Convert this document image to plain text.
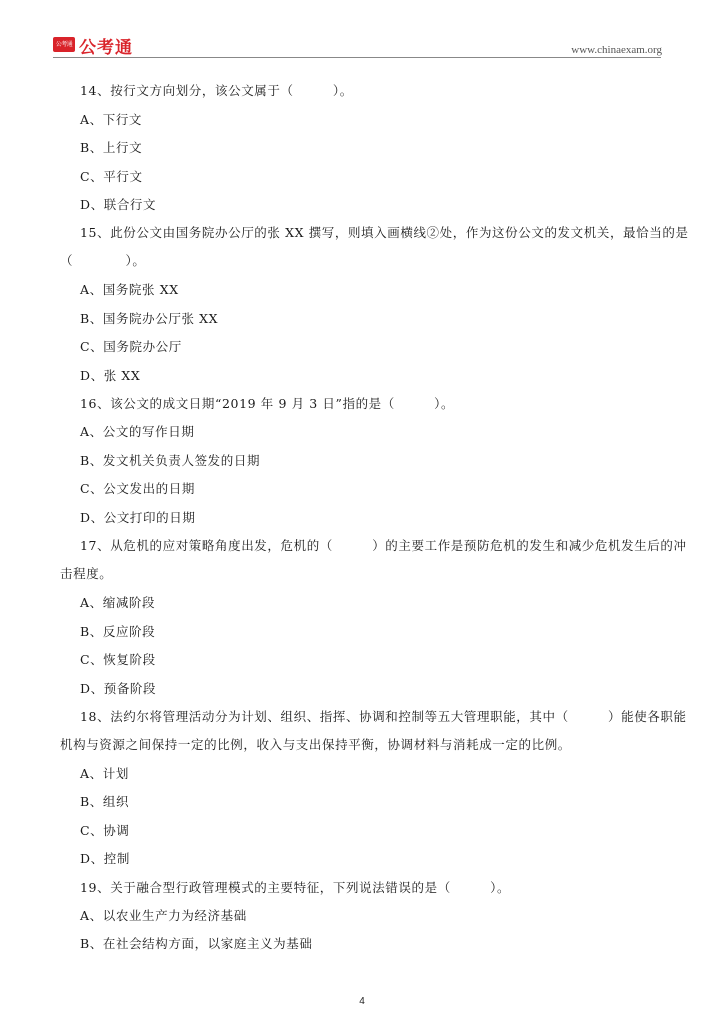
公考通 公考通	www.chinaexam.org
14、按行文方向划分，该公文属于（　　　）。
A、下行文
B、上行文
C、平行文
D、联合行文
15、此份公文由国务院办公厅的张 XX 撰写，则填入画横线②处，作为这份公文的发文机关，最恰当的是
（　　　　）。
A、国务院张 XX
B、国务院办公厅张 XX
C、国务院办公厅
D、张 XX
16、该公文的成文日期“2019 年 9 月 3 日”指的是（　　　）。
A、公文的写作日期
B、发文机关负责人签发的日期
C、公文发出的日期
D、公文打印的日期
17、从危机的应对策略角度出发，危机的（　　　）的主要工作是预防危机的发生和减少危机发生后的冲
击程度。
A、缩减阶段
B、反应阶段
C、恢复阶段
D、预备阶段
18、法约尔将管理活动分为计划、组织、指挥、协调和控制等五大管理职能，其中（　　　）能使各职能
机构与资源之间保持一定的比例，收入与支出保持平衡，协调材料与消耗成一定的比例。
A、计划
B、组织
C、协调
D、控制
19、关于融合型行政管理模式的主要特征，下列说法错误的是（　　　）。
A、以农业生产力为经济基础
B、在社会结构方面，以家庭主义为基础
4
